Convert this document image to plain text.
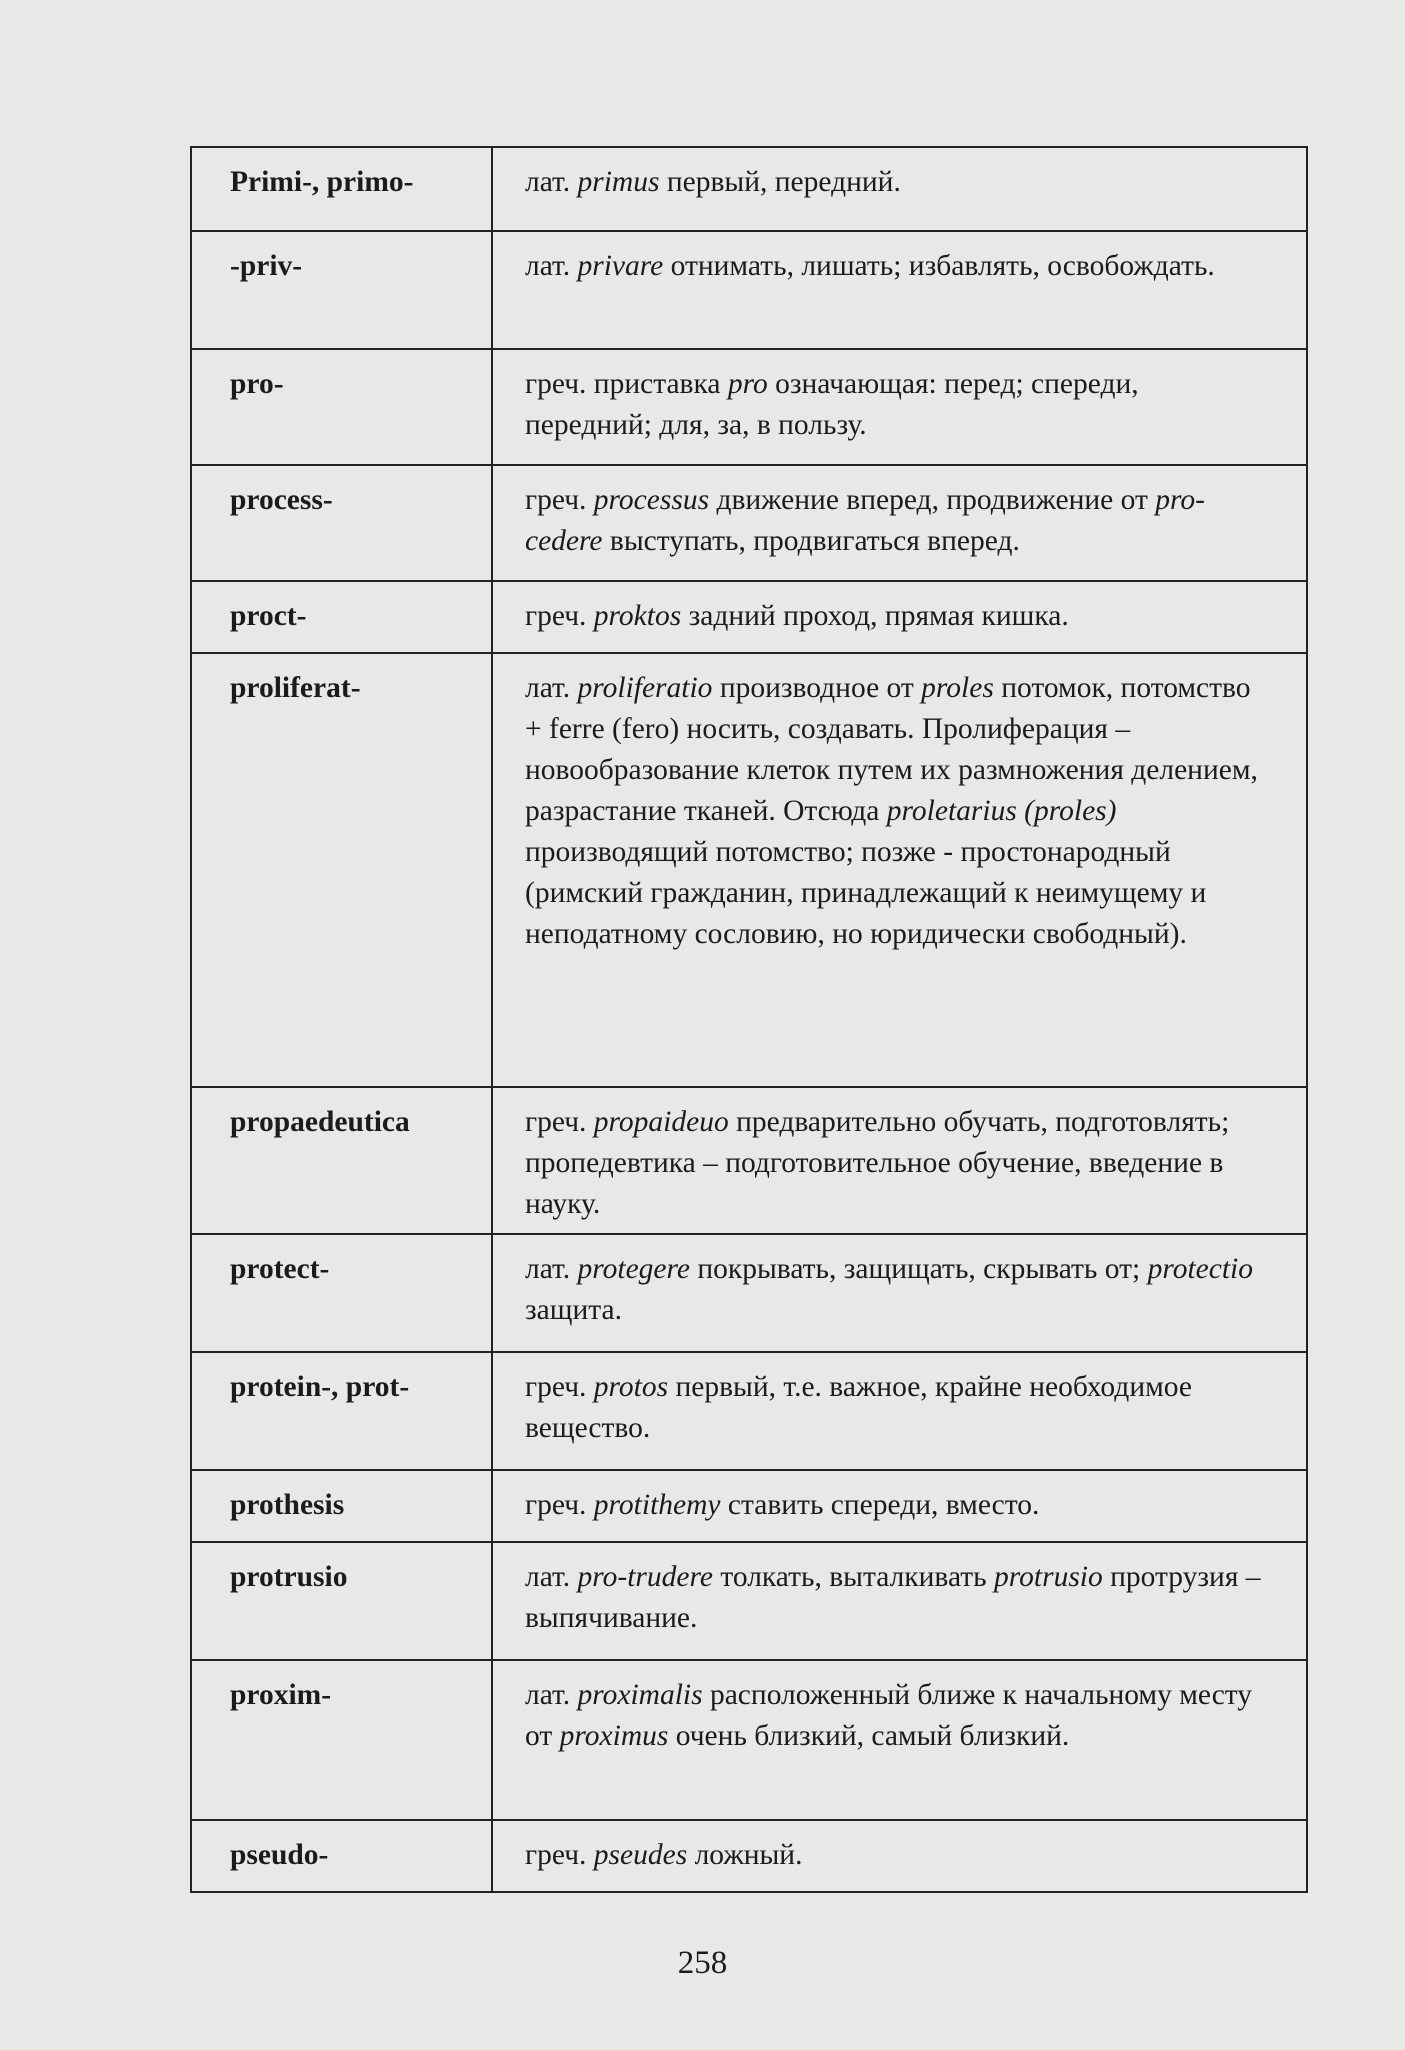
Primi-, primo-	лат. primus первый, передний.
-priv-	лат. privare отнимать, лишать; избавлять, освобождать.
pro-	греч. приставка pro означающая: перед; спереди, передний; для, за, в пользу.
process-	греч. processus движение вперед, продвижение от pro-cedere выступать, продвигаться вперед.
proct-	греч. proktos задний проход, прямая кишка.
proliferat-	лат. proliferatio производное от proles потомок, потомство + ferre (fero) носить, создавать. Пролиферация – новообразование клеток путем их размножения делением, разрастание тканей. Отсюда proletarius (proles) производящий потомство; позже - простонародный (римский гражданин, принадлежащий к неимущему и неподатному сословию, но юридически свободный).
propaedeutica	греч. propaideuo предварительно обучать, подготовлять; пропедевтика – подготовительное обучение, введение в науку.
protect-	лат. protegere покрывать, защищать, скрывать от; protectio защита.
protein-, prot-	греч. protos первый, т.е. важное, крайне необходимое вещество.
prothesis	греч. protithemy ставить спереди, вместо.
protrusio	лат. pro-trudere толкать, выталкивать protrusio протрузия – выпячивание.
proxim-	лат. proximalis расположенный ближе к начальному месту от proximus очень близкий, самый близкий.
pseudo-	греч. pseudes ложный.
258
